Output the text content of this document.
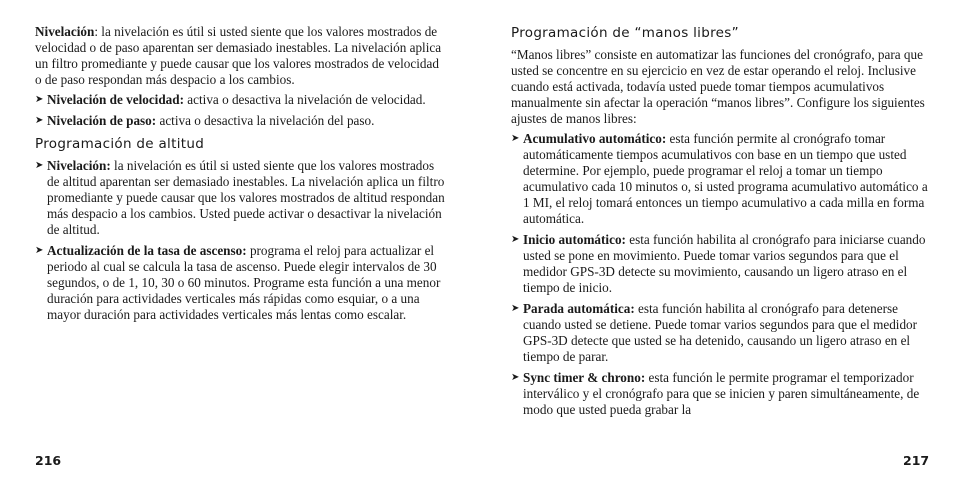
Nivelación: la nivelación es útil si usted siente que los valores mostrados de velocidad o de paso aparentan ser demasiado inestables. La nivelación aplica un filtro promediante y puede causar que los valores mostrados de velocidad o de paso respondan más despacio a los cambios.

➤ Nivelación de velocidad: activa o desactiva la nivelación de velocidad.
➤ Nivelación de paso: activa o desactiva la nivelación del paso.
Programación de altitud
➤ Nivelación: la nivelación es útil si usted siente que los valores mostrados de altitud aparentan ser demasiado inestables. La nivelación aplica un filtro promediante y puede causar que los valores mostrados de altitud respondan más despacio a los cambios. Usted puede activar o desactivar la nivelación de altitud.
➤ Actualización de la tasa de ascenso: programa el reloj para actualizar el periodo al cual se calcula la tasa de ascenso. Puede elegir intervalos de 30 segundos, o de 1, 10, 30 o 60 minutos. Programe esta función a una menor duración para actividades verticales más rápidas como esquiar, o a una mayor duración para actividades verticales más lentas como escalar.
Programación de “manos libres”

“Manos libres” consiste en automatizar las funciones del cronógrafo, para que usted se concentre en su ejercicio en vez de estar operando el reloj. Inclusive cuando está activada, todavía usted puede tomar tiempos acumulativos manualmente sin afectar la operación “manos libres”. Configure los siguientes ajustes de manos libres:

➤ Acumulativo automático: esta función permite al cronógrafo tomar automáticamente tiempos acumulativos con base en un tiempo que usted determine. Por ejemplo, puede programar el reloj a tomar un tiempo acumulativo cada 10 minutos o, si usted programa acumulativo automático a 1 MI, el reloj tomará entonces un tiempo acumulativo a cada milla en forma automática.
➤ Inicio automático: esta función habilita al cronógrafo para iniciarse cuando usted se pone en movimiento. Puede tomar varios segundos para que el medidor GPS-3D detecte su movimiento, causando un ligero atraso en el tiempo de inicio.
➤ Parada automática: esta función habilita al cronógrafo para detenerse cuando usted se detiene. Puede tomar varios segundos para que el medidor GPS-3D detecte que usted se ha detenido, causando un ligero atraso en el tiempo de parar.
➤ Sync timer & chrono: esta función le permite programar el temporizador interválico y el cronógrafo para que se inicien y paren simultáneamente, de modo que usted pueda grabar la
216	217
